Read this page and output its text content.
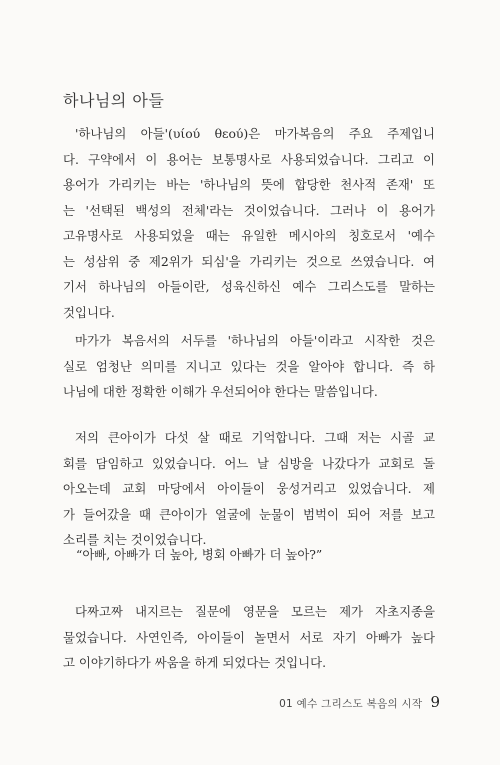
하나님의 아들

'하나님의 아들'(υίού θεού)은 마가복음의 주요 주제입니
다. 구약에서 이 용어는 보통명사로 사용되었습니다. 그리고 이
용어가 가리키는 바는 '하나님의 뜻에 합당한 천사적 존재' 또
는 '선택된 백성의 전체'라는 것이었습니다. 그러나 이 용어가
고유명사로 사용되었을 때는 유일한 메시아의 칭호로서 '예수
는 성삼위 중 제2위가 되심'을 가리키는 것으로 쓰였습니다. 여
기서 하나님의 아들이란, 성육신하신 예수 그리스도를 말하는
것입니다.

마가가 복음서의 서두를 '하나님의 아들'이라고 시작한 것은
실로 엄청난 의미를 지니고 있다는 것을 알아야 합니다. 즉 하
나님에 대한 정확한 이해가 우선되어야 한다는 말씀입니다.

저의 큰아이가 다섯 살 때로 기억합니다. 그때 저는 시골 교
회를 담임하고 있었습니다. 어느 날 심방을 나갔다가 교회로 돌
아오는데 교회 마당에서 아이들이 웅성거리고 있었습니다. 제
가 들어갔을 때 큰아이가 얼굴에 눈물이 범벅이 되어 저를 보고
소리를 치는 것이었습니다.

“아빠, 아빠가 더 높아, 병회 아빠가 더 높아?”

다짜고짜 내지르는 질문에 영문을 모르는 제가 자초지종을
물었습니다. 사연인즉, 아이들이 놀면서 서로 자기 아빠가 높다
고 이야기하다가 싸움을 하게 되었다는 것입니다.

01 예수 그리스도 복음의 시작 9
